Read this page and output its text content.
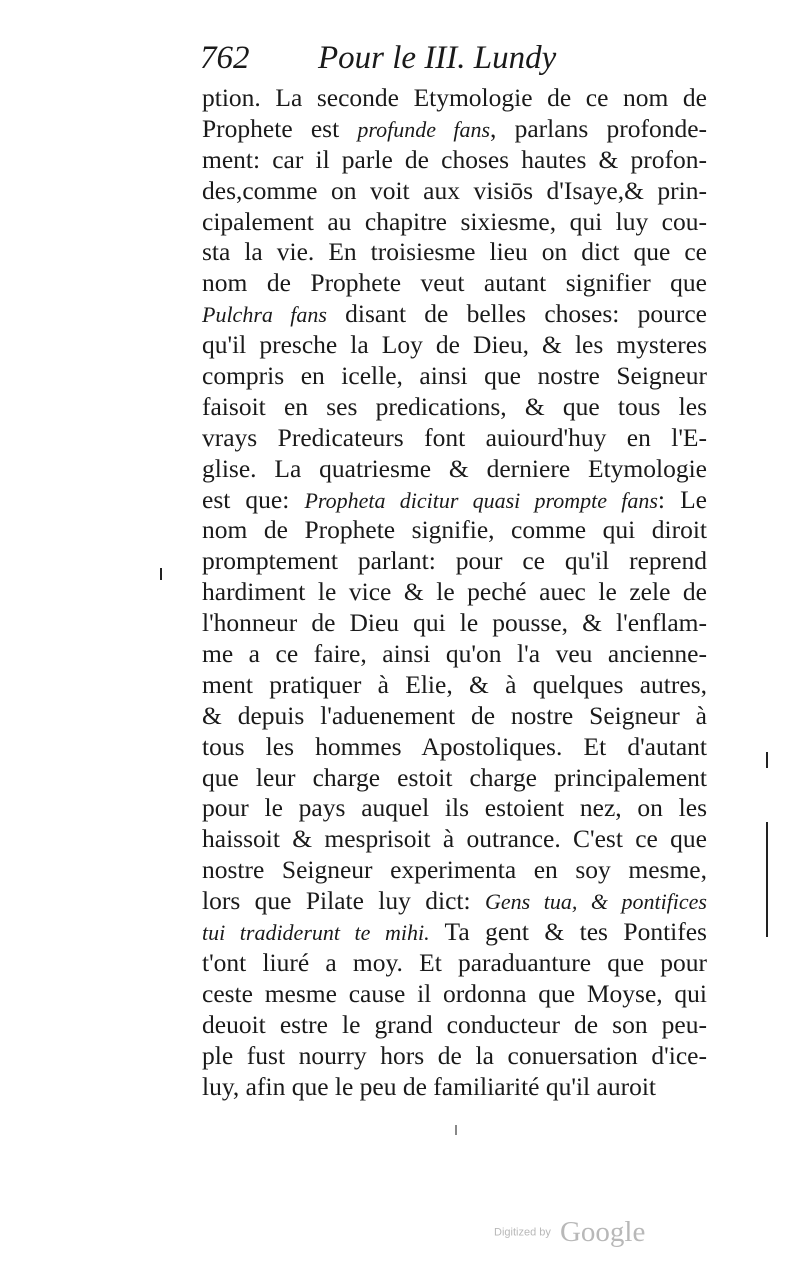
762 Pour le III. Lundy
ption. La seconde Etymologie de ce nom de
Prophete est profunde fans, parlans profonde-
ment: car il parle de choses hautes & profon-
des,comme on voit aux visiōs d'Isaye,& prin-
cipalement au chapitre sixiesme, qui luy cou-
sta la vie. En troisiesme lieu on dict que ce
nom de Prophete veut autant signifier que
Pulchra fans disant de belles choses: pource
qu'il presche la Loy de Dieu, & les mysteres
compris en icelle, ainsi que nostre Seigneur
faisoit en ses predications, & que tous les
vrays Predicateurs font auiourd'huy en l'E-
glise. La quatriesme & derniere Etymologie
est que: Propheta dicitur quasi prompte fans: Le
nom de Prophete signifie, comme qui diroit
promptement parlant: pour ce qu'il reprend
hardiment le vice & le peché auec le zele de
l'honneur de Dieu qui le pousse, & l'enflam-
me a ce faire, ainsi qu'on l'a veu ancienne-
ment pratiquer à Elie, & à quelques autres,
& depuis l'aduenement de nostre Seigneur à
tous les hommes Apostoliques. Et d'autant
que leur charge estoit charge principalement
pour le pays auquel ils estoient nez, on les
haissoit & mesprisoit à outrance. C'est ce que
nostre Seigneur experimenta en soy mesme,
lors que Pilate luy dict: Gens tua, & pontifices
tui tradiderunt te mihi. Ta gent & tes Pontifes
t'ont liuré a moy. Et paraduanture que pour
ceste mesme cause il ordonna que Moyse, qui
deuoit estre le grand conducteur de son peu-
ple fust nourry hors de la conuersation d'ice-
luy, afin que le peu de familiarité qu'il auroit
Digitized by Google
